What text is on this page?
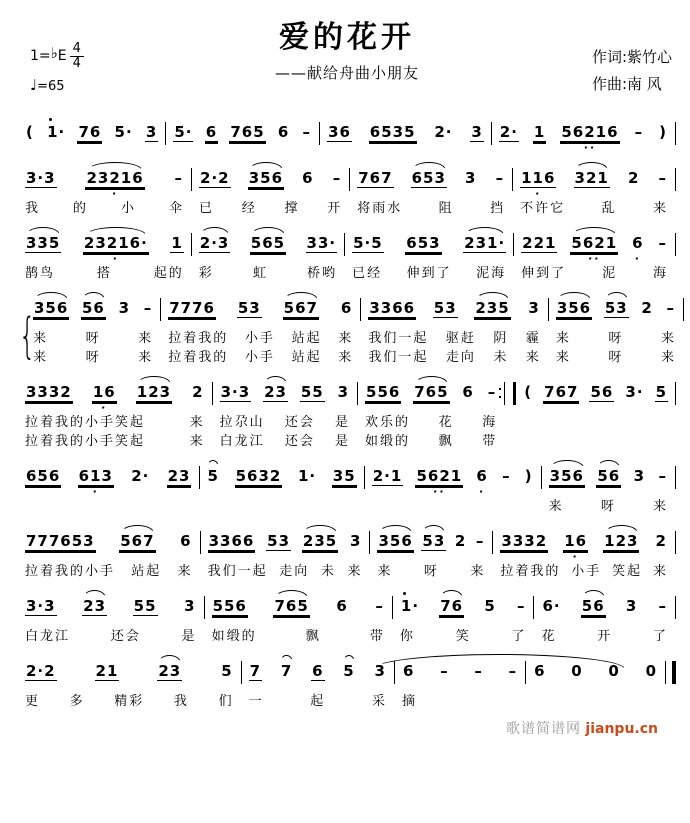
爱的花开
——献给舟曲小朋友
作词:紫竹心
作曲:南 风
1= ♭ E $\frac{4}{4}$
♩=65
( 1· 76 5· 3 5· 6 765 6 – 36 6535 2· 3 2· 1 56216
··
– )
3·3 23216
·
–
我	的	小	伞
2·2 356 6 –
已 经 撑 开
767 653 3 –
将雨水	阻	挡
116
·
321 2 –
不许它	乱	来
335 23216·
·
1
鹊鸟	搭	起的
2·3 565 33·
彩	虹	桥哟
5·5 653 231·
已经 伸到了 泥海
221 5621
··
6
·
–
伸到了	泥	海
{
356 56 3 –
来	呀	来
来	呀	来
7776 53 567 6
拉着我的 小手 站起 来
拉着我的 小手 站起 来
3366 53 235 3
我们一起 驱赶 阴 霾
我们一起 走向 未 来
356 53 2 –
来	呀	来
来	呀	来
3332 16
·
123 2
拉着我的小手笑起	来
拉着我的小手笑起	来
3·3 23 55 3
拉尕山 还会 是
白龙江 还会 是
556 765 6 –
欢乐的 花 海
如缎的 飘 带
( 767 56 3· 5
656 613
·
2· 23 5 5632 1· 35 2·1 5621
··
6
·
– ) 356 56 3 –
来	呀	来
777653 567 6
拉着我的小手 站起 来
3366 53 235 3
我们一起 走向 未 来
356 53 2 –
来 呀 来
3332 16
·
123 2
拉着我的 小手 笑起 来
3·3 23 55 3
白龙江	还会	是
556 765 6 –
如缎的	飘	带
1· 76 5 –
你	笑	了
6· 56 3 –
花	开	了
2·2	21	23	5
更 多 精彩 我 们
7 7 6 5 3
一	起	采
6 – – –
摘
6 0 0 0
歌谱简谱网 jianpu.cn
